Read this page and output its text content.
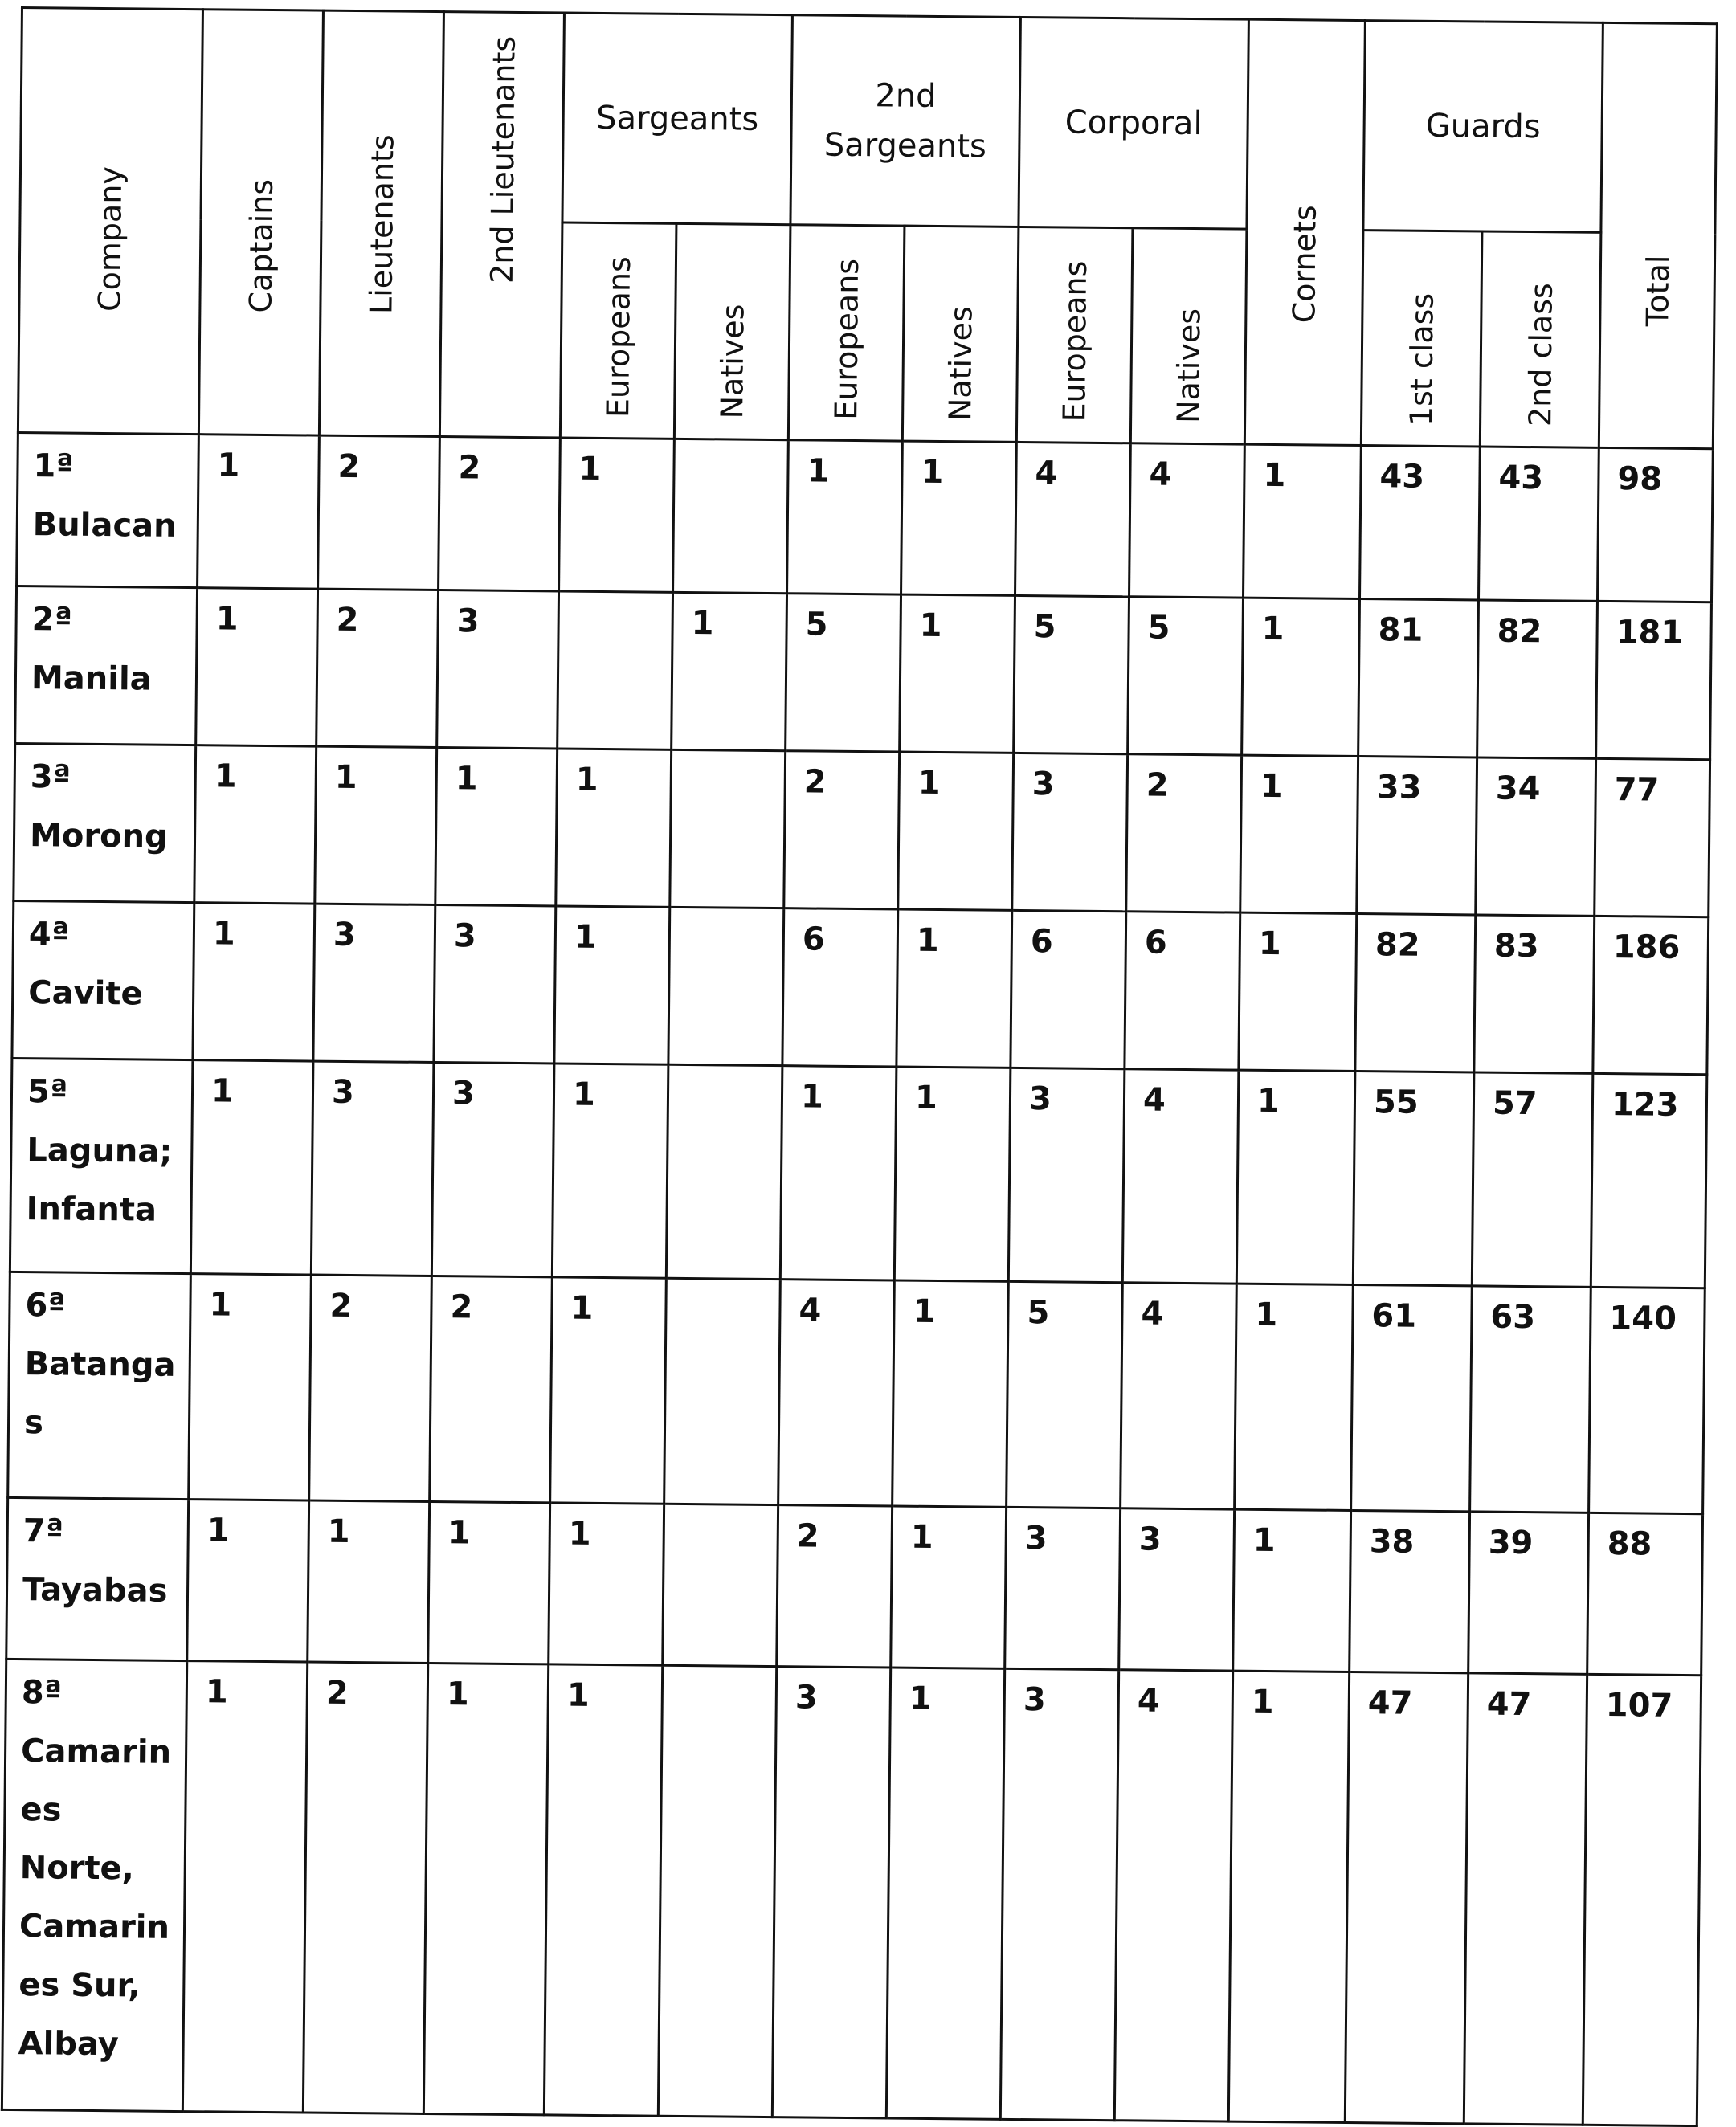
Company	Captains	Lieutenants	2nd Lieutenants	Sargeants		2nd
Sargeants		Corporal		Cornets	Guards		Total

				Europeans	Natives	Europeans	Natives	Europeans	Natives		1st class	2nd class	

1ª
Bulacan	1	2	2	1		1	1	4	4	1	43	43	98

2ª
Manila	1	2	3		1	5	1	5	5	1	81	82	181

3ª
Morong	1	1	1	1		2	1	3	2	1	33	34	77

4ª
Cavite	1	3	3	1		6	1	6	6	1	82	83	186

5ª
Laguna;
Infanta	1	3	3	1		1	1	3	4	1	55	57	123

6ª
Batanga
s	1	2	2	1		4	1	5	4	1	61	63	140

7ª
Tayabas	1	1	1	1		2	1	3	3	1	38	39	88

8ª
Camarin
es
Norte,
Camarin
es Sur,
Albay
	1	2	1	1		3	1	3	4	1	47	47	107
